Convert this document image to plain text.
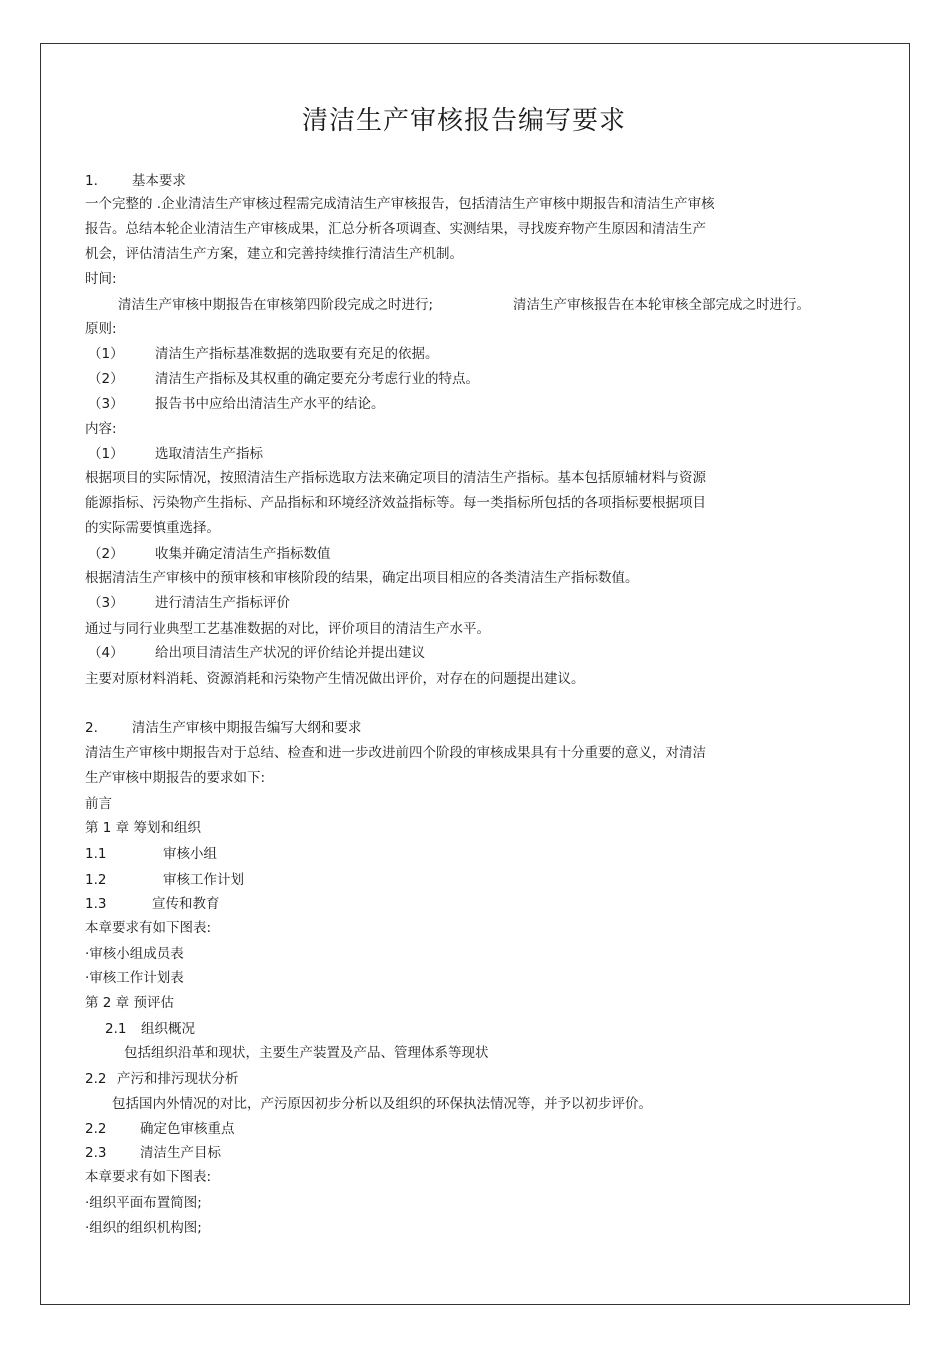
清洁生产审核报告编写要求
1.	基本要求
一个完整的 .企业清洁生产审核过程需完成清洁生产审核报告，包括清洁生产审核中期报告和清洁生产审核
报告。总结本轮企业清洁生产审核成果，汇总分析各项调查、实测结果，寻找废弃物产生原因和清洁生产
机会，评估清洁生产方案，建立和完善持续推行清洁生产机制。
时间:
清洁生产审核中期报告在审核第四阶段完成之时进行;	清洁生产审核报告在本轮审核全部完成之时进行。
原则:
（1） 清洁生产指标基准数据的选取要有充足的依据。
（2） 清洁生产指标及其权重的确定要充分考虑行业的特点。
（3） 报告书中应给出清洁生产水平的结论。
内容:
（1） 选取清洁生产指标
根据项目的实际情况，按照清洁生产指标选取方法来确定项目的清洁生产指标。基本包括原辅材料与资源
能源指标、污染物产生指标、产品指标和环境经济效益指标等。每一类指标所包括的各项指标要根据项目
的实际需要慎重选择。
（2） 收集并确定清洁生产指标数值
根据清洁生产审核中的预审核和审核阶段的结果，确定出项目相应的各类清洁生产指标数值。
（3） 进行清洁生产指标评价
通过与同行业典型工艺基准数据的对比，评价项目的清洁生产水平。
（4） 给出项目清洁生产状况的评价结论并提出建议
主要对原材料消耗、资源消耗和污染物产生情况做出评价，对存在的问题提出建议。
2.	清洁生产审核中期报告编写大纲和要求
清洁生产审核中期报告对于总结、检查和进一步改进前四个阶段的审核成果具有十分重要的意义，对清洁
生产审核中期报告的要求如下:
前言
第 1 章 筹划和组织
1.1	审核小组
1.2	审核工作计划
1.3	宣传和教育
本章要求有如下图表:
·审核小组成员表
·审核工作计划表
第 2 章 预评估
2.1 组织概况
包括组织沿革和现状，主要生产装置及产品、管理体系等现状
2.2 产污和排污现状分析
包括国内外情况的对比，产污原因初步分析以及组织的环保执法情况等，并予以初步评价。
2.2 确定色审核重点
2.3 清洁生产目标
本章要求有如下图表:
·组织平面布置简图;
·组织的组织机构图;
